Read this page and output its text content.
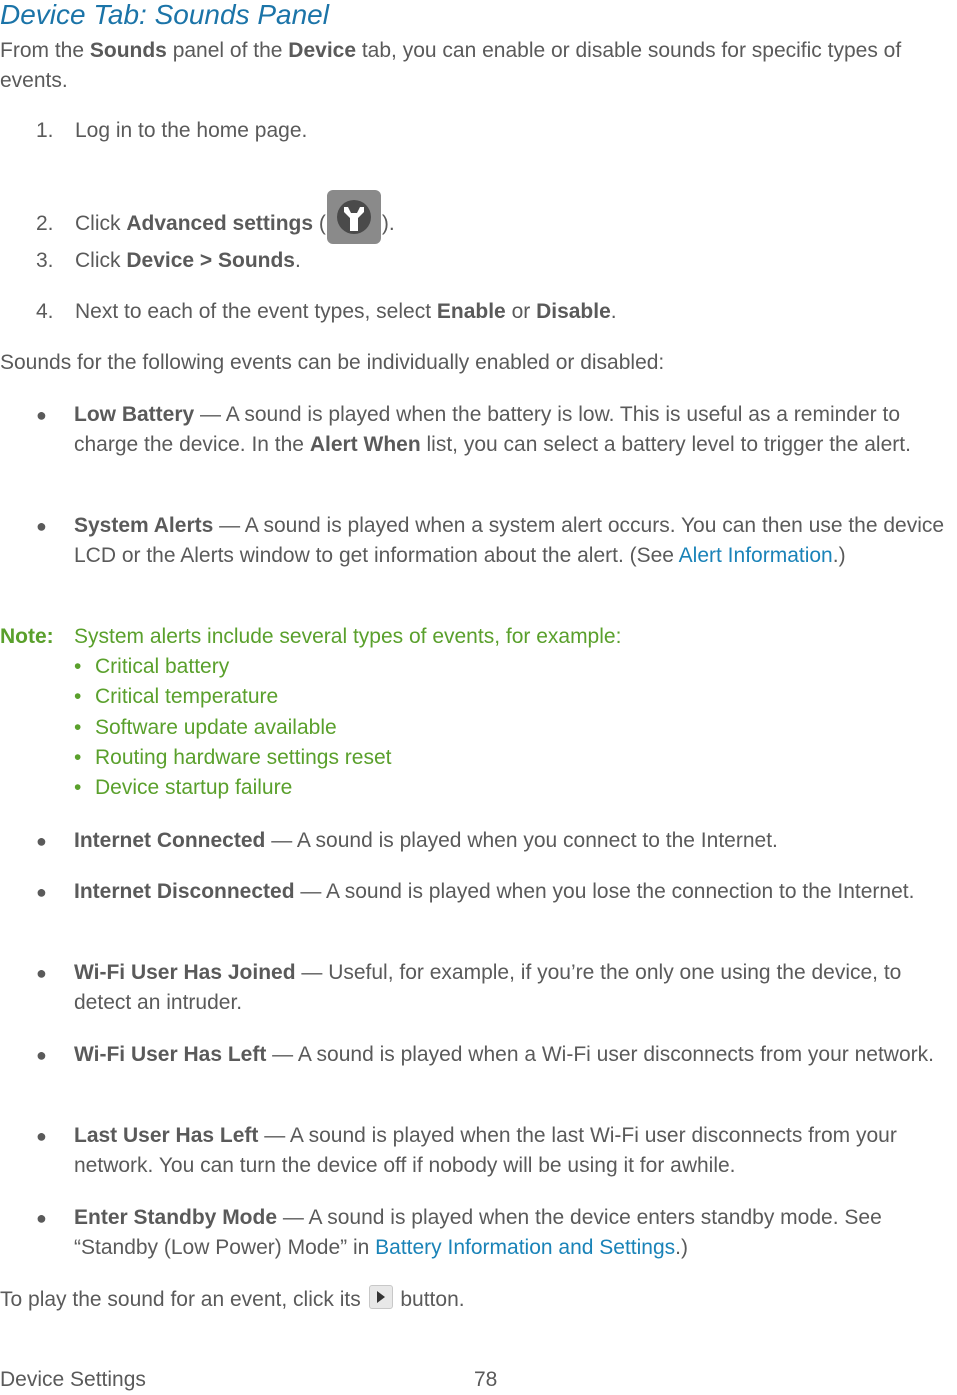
Device Tab: Sounds Panel
From the Sounds panel of the Device tab, you can enable or disable sounds for specific types of events.
1. Log in to the home page.
2. Click Advanced settings (	).
3. Click Device > Sounds.
4. Next to each of the event types, select Enable or Disable.
Sounds for the following events can be individually enabled or disabled:
● Low Battery — A sound is played when the battery is low. This is useful as a reminder to charge the device. In the Alert When list, you can select a battery level to trigger the alert.
● System Alerts — A sound is played when a system alert occurs. You can then use the device LCD or the Alerts window to get information about the alert. (See Alert Information.)
Note: System alerts include several types of events, for example:
• Critical battery
• Critical temperature
• Software update available
• Routing hardware settings reset
• Device startup failure
● Internet Connected — A sound is played when you connect to the Internet.
● Internet Disconnected — A sound is played when you lose the connection to the Internet.
● Wi-Fi User Has Joined — Useful, for example, if you’re the only one using the device, to detect an intruder.
● Wi-Fi User Has Left — A sound is played when a Wi-Fi user disconnects from your network.
● Last User Has Left — A sound is played when the last Wi-Fi user disconnects from your network. You can turn the device off if nobody will be using it for awhile.
● Enter Standby Mode — A sound is played when the device enters standby mode. See “Standby (Low Power) Mode” in Battery Information and Settings.)
To play the sound for an event, click its
button.
Device Settings	78
